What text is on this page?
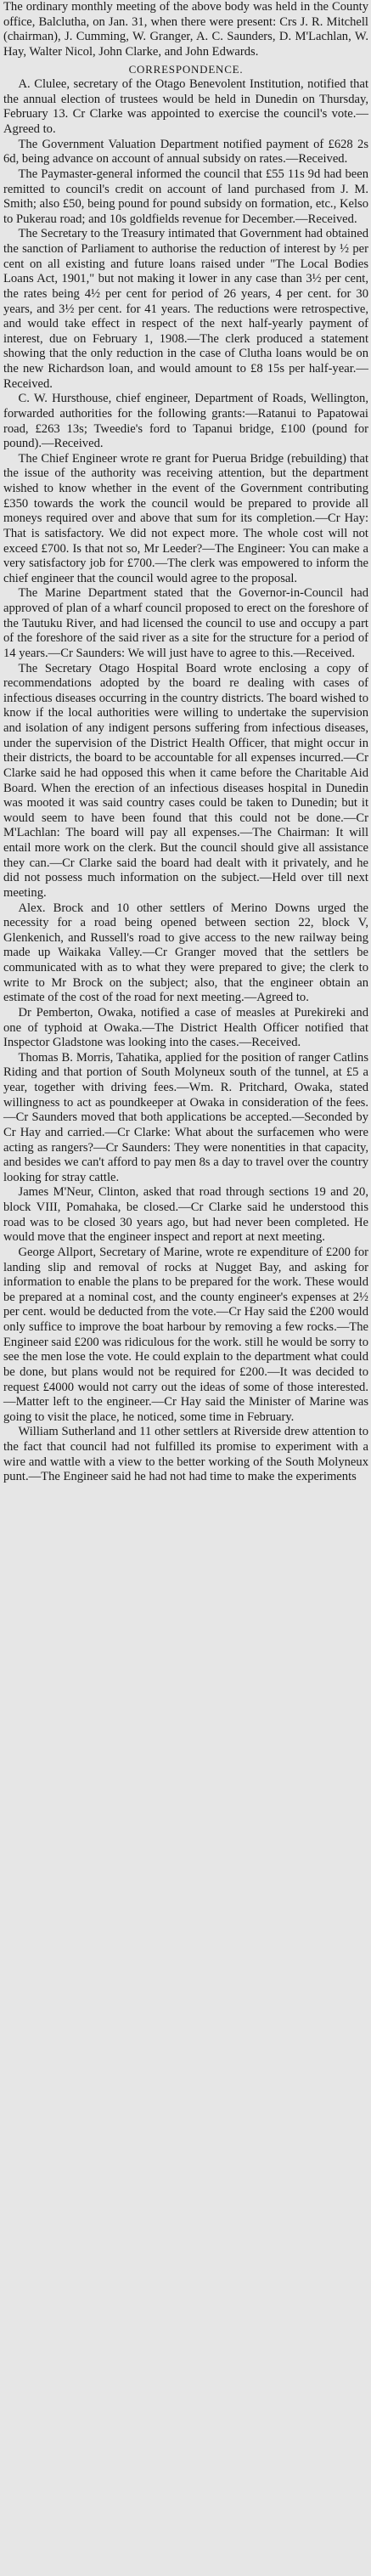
The ordinary monthly meeting of the above body was held in the County office, Balclutha, on Jan. 31, when there were present: Crs J. R. Mitchell (chairman), J. Cumming, W. Granger, A. C. Saunders, D. M'Lachlan, W. Hay, Walter Nicol, John Clarke, and John Edwards.

CORRESPONDENCE.

A. Clulee, secretary of the Otago Benevolent Institution, notified that the annual election of trustees would be held in Dunedin on Thursday, February 13. Cr Clarke was appointed to exercise the council's vote.—Agreed to.

The Government Valuation Department notified payment of £628 2s 6d, being advance on account of annual subsidy on rates.—Received.

The Paymaster-general informed the council that £55 11s 9d had been remitted to council's credit on account of land purchased from J. M. Smith; also £50, being pound for pound subsidy on formation, etc., Kelso to Pukerau road; and 10s goldfields revenue for December.—Received.

The Secretary to the Treasury intimated that Government had obtained the sanction of Parliament to authorise the reduction of interest by ½ per cent on all existing and future loans raised under "The Local Bodies Loans Act, 1901," but not making it lower in any case than 3½ per cent, the rates being 4½ per cent for period of 26 years, 4 per cent. for 30 years, and 3½ per cent. for 41 years. The reductions were retrospective, and would take effect in respect of the next half-yearly payment of interest, due on February 1, 1908.—The clerk produced a statement showing that the only reduction in the case of Clutha loans would be on the new Richardson loan, and would amount to £8 15s per half-year.—Received.

C. W. Hursthouse, chief engineer, Department of Roads, Wellington, forwarded authorities for the following grants:—Ratanui to Papatowai road, £263 13s; Tweedie's ford to Tapanui bridge, £100 (pound for pound).—Received.

The Chief Engineer wrote re grant for Puerua Bridge (rebuilding) that the issue of the authority was receiving attention, but the department wished to know whether in the event of the Government contributing £350 towards the work the council would be prepared to provide all moneys required over and above that sum for its completion.—Cr Hay: That is satisfactory. We did not expect more. The whole cost will not exceed £700. Is that not so, Mr Leeder?—The Engineer: You can make a very satisfactory job for £700.—The clerk was empowered to inform the chief engineer that the council would agree to the proposal.

The Marine Department stated that the Governor-in-Council had approved of plan of a wharf council proposed to erect on the foreshore of the Tautuku River, and had licensed the council to use and occupy a part of the foreshore of the said river as a site for the structure for a period of 14 years.—Cr Saunders: We will just have to agree to this.—Received.

The Secretary Otago Hospital Board wrote enclosing a copy of recommendations adopted by the board re dealing with cases of infectious diseases occurring in the country districts. The board wished to know if the local authorities were willing to undertake the supervision and isolation of any indigent persons suffering from infectious diseases, under the supervision of the District Health Officer, that might occur in their districts, the board to be accountable for all expenses incurred.—Cr Clarke said he had opposed this when it came before the Charitable Aid Board. When the erection of an infectious diseases hospital in Dunedin was mooted it was said country cases could be taken to Dunedin; but it would seem to have been found that this could not be done.—Cr M'Lachlan: The board will pay all expenses.—The Chairman: It will entail more work on the clerk. But the council should give all assistance they can.—Cr Clarke said the board had dealt with it privately, and he did not possess much information on the subject.—Held over till next meeting.

Alex. Brock and 10 other settlers of Merino Downs urged the necessity for a road being opened between section 22, block V, Glenkenich, and Russell's road to give access to the new railway being made up Waikaka Valley.—Cr Granger moved that the settlers be communicated with as to what they were prepared to give; the clerk to write to Mr Brock on the subject; also, that the engineer obtain an estimate of the cost of the road for next meeting.—Agreed to.

Dr Pemberton, Owaka, notified a case of measles at Purekireki and one of typhoid at Owaka.—The District Health Officer notified that Inspector Gladstone was looking into the cases.—Received.

Thomas B. Morris, Tahatika, applied for the position of ranger Catlins Riding and that portion of South Molyneux south of the tunnel, at £5 a year, together with driving fees.—Wm. R. Pritchard, Owaka, stated willingness to act as poundkeeper at Owaka in consideration of the fees.—Cr Saunders moved that both applications be accepted.—Seconded by Cr Hay and carried.—Cr Clarke: What about the surfacemen who were acting as rangers?—Cr Saunders: They were nonentities in that capacity, and besides we can't afford to pay men 8s a day to travel over the country looking for stray cattle.

James M'Neur, Clinton, asked that road through sections 19 and 20, block VIII, Pomahaka, be closed.—Cr Clarke said he understood this road was to be closed 30 years ago, but had never been completed. He would move that the engineer inspect and report at next meeting.

George Allport, Secretary of Marine, wrote re expenditure of £200 for landing slip and removal of rocks at Nugget Bay, and asking for information to enable the plans to be prepared for the work. These would be prepared at a nominal cost, and the county engineer's expenses at 2½ per cent. would be deducted from the vote.—Cr Hay said the £200 would only suffice to improve the boat harbour by removing a few rocks.—The Engineer said £200 was ridiculous for the work. still he would be sorry to see the men lose the vote. He could explain to the department what could be done, but plans would not be required for £200.—It was decided to request £4000 would not carry out the ideas of some of those interested.—Matter left to the engineer.—Cr Hay said the Minister of Marine was going to visit the place, he noticed, some time in February.

William Sutherland and 11 other settlers at Riverside drew attention to the fact that council had not fulfilled its promise to experiment with a wire and wattle with a view to the better working of the South Molyneux punt.—The Engineer said he had not had time to make the experiments
